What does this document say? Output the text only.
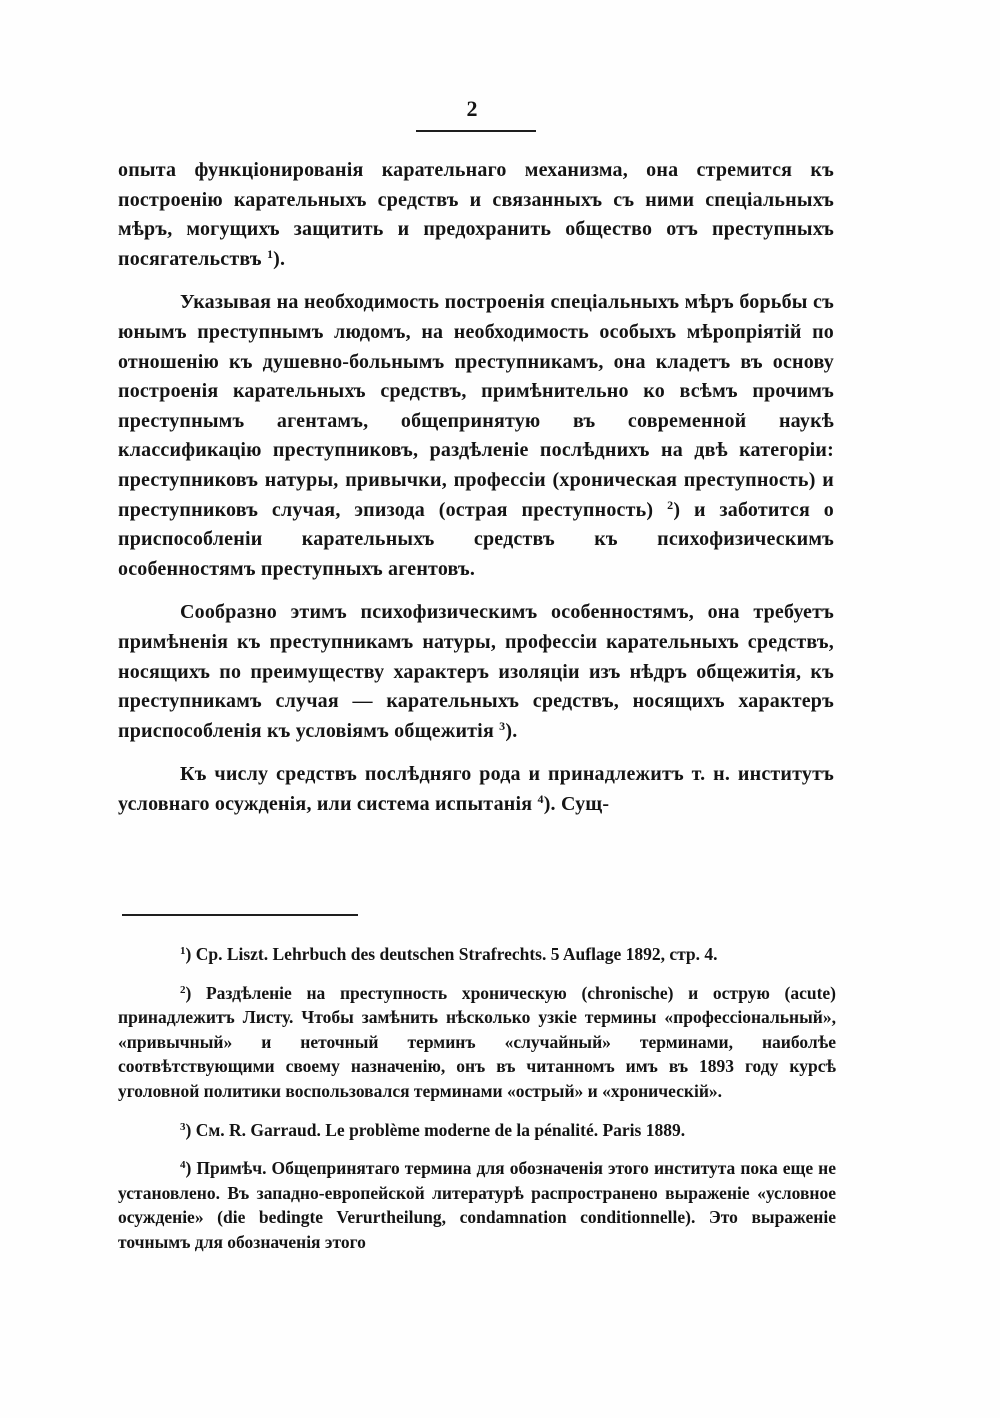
2

опыта функціонированія карательнаго механизма, она стремится къ построенію карательныхъ средствъ и связанныхъ съ ними спеціальныхъ мѣръ, могущихъ защитить и предохранить общество отъ преступныхъ посягательствъ $^1$).

Указывая на необходимость построенія спеціальныхъ мѣръ борьбы съ юнымъ преступнымъ людомъ, на необходимость особыхъ мѣропріятій по отношенію къ душевно-больнымъ преступникамъ, она кладетъ въ основу построенія карательныхъ средствъ, примѣнительно ко всѣмъ прочимъ преступнымъ агентамъ, общепринятую въ современной наукѣ классификацію преступниковъ, раздѣленіе послѣднихъ на двѣ категоріи: преступниковъ натуры, привычки, профессіи (хроническая преступность) и преступниковъ случая, эпизода (острая преступность) $^2$) и заботится о приспособленіи карательныхъ средствъ къ психофизическимъ особенностямъ преступныхъ агентовъ.

Сообразно этимъ психофизическимъ особенностямъ, она требуетъ примѣненія къ преступникамъ натуры, профессіи карательныхъ средствъ, носящихъ по преимуществу характеръ изоляціи изъ нѣдръ общежитія, къ преступникамъ случая — карательныхъ средствъ, носящихъ характеръ приспособленія къ условіямъ общежитія $^3$).

Къ числу средствъ послѣдняго рода и принадлежитъ т. н. институтъ условнаго осужденія, или система испытанія $^4$). Сущ-

$^1$) Cp. Liszt. Lehrbuch des deutschen Strafrechts. 5 Auflage 1892, стр. 4.

$^2$) Раздѣленіе на преступность хроническую (chronische) и острую (acute) принадлежитъ Листу. Чтобы замѣнить нѣсколько узкіе термины «профессіональный», «привычный» и неточный терминъ «случайный» терминами, наиболѣе соотвѣтствующими своему назначенію, онъ въ читанномъ имъ въ 1893 году курсѣ уголовной политики воспользовался терминами «острый» и «хроническій».

$^3$) См. R. Garraud. Le problème moderne de la pénalité. Paris 1889.

$^4$) Примѣч. Общепринятаго термина для обозначенія этого института пока еще не установлено. Въ западно-европейской литературѣ распространено выраженіе «условное осужденіе» (die bedingte Verurtheilung, condamnation conditionnelle). Это выраженіе точнымъ для обозначенія этого
